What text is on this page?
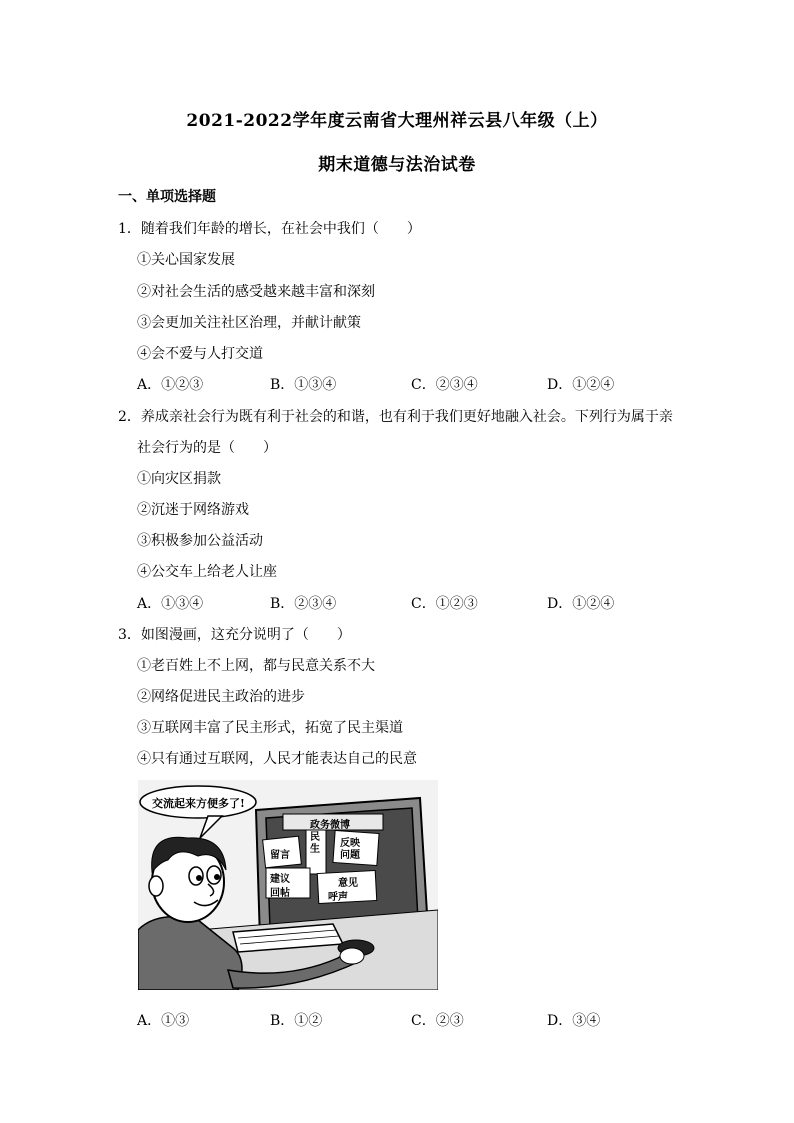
2021-2022学年度云南省大理州祥云县八年级（上）
期末道德与法治试卷
一、单项选择题
1．随着我们年龄的增长，在社会中我们（　　）
①关心国家发展
②对社会生活的感受越来越丰富和深刻
③会更加关注社区治理，并献计献策
④会不爱与人打交道
A．①②③	B．①③④	C．②③④	D．①②④
2．养成亲社会行为既有利于社会的和谐，也有利于我们更好地融入社会。下列行为属于亲
社会行为的是（　　）
①向灾区捐款
②沉迷于网络游戏
③积极参加公益活动
④公交车上给老人让座
A．①③④	B．②③④	C．①②③	D．①②④
3．如图漫画，这充分说明了（　　）
①老百姓上不上网，都与民意关系不大
②网络促进民主政治的进步
③互联网丰富了民主形式，拓宽了民主渠道
④只有通过互联网，人民才能表达自己的民意
交流起来方便多了!
政务微博
留言
民生
反映问题
建议	意见
回帖	呼声
A．①③	B．①②	C．②③	D．③④
